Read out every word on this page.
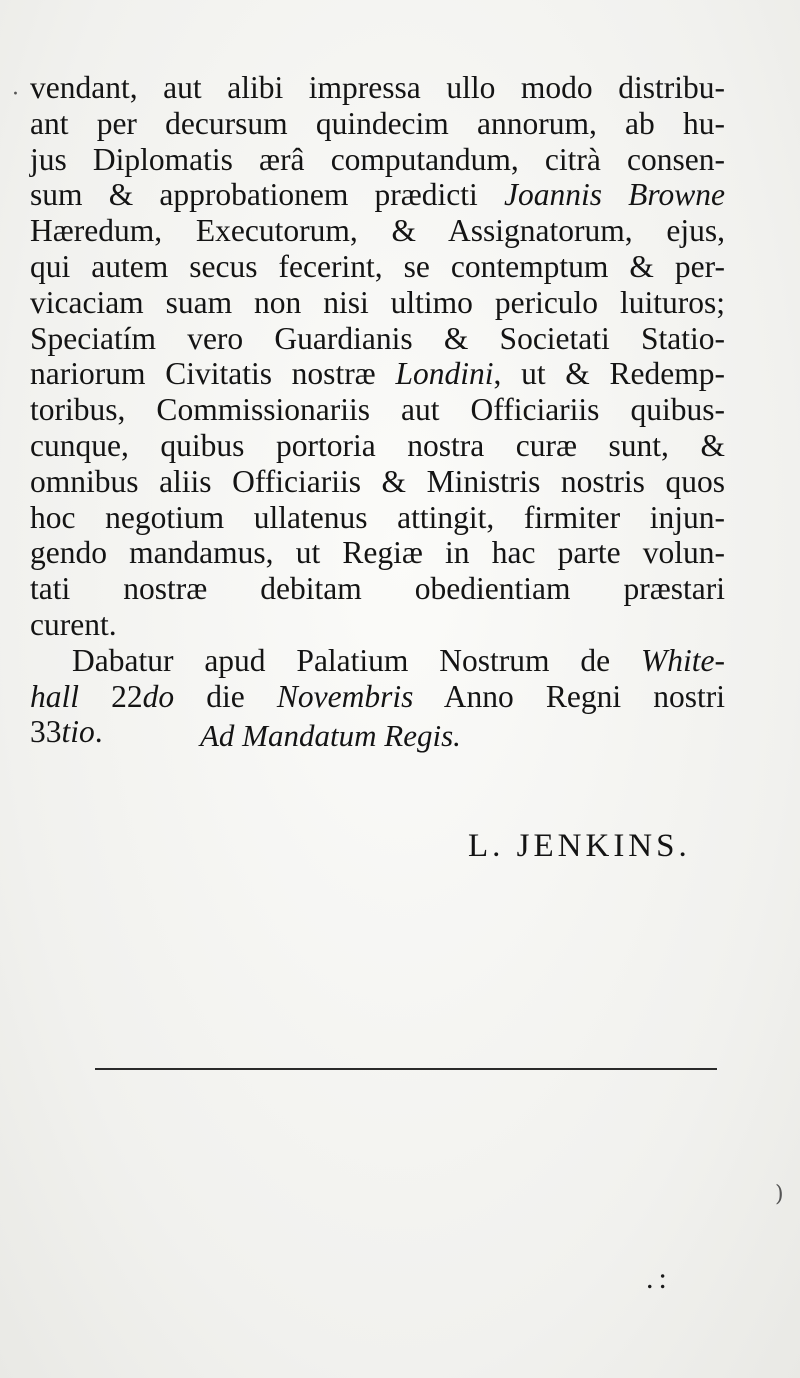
vendant, aut alibi impressa ullo modo distribu-
ant per decursum quindecim annorum, ab hu-
jus Diplomatis ærâ computandum, citrà consen-
sum & approbationem prædicti Joannis Browne
Hæredum, Executorum, & Assignatorum, ejus,
qui autem secus fecerint, se contemptum & per-
vicaciam suam non nisi ultimo periculo luituros;
Speciatím vero Guardianis & Societati Statio-
nariorum Civitatis nostræ Londini, ut & Redemp-
toribus, Commissionariis aut Officiariis quibus-
cunque, quibus portoria nostra curæ sunt, &
omnibus aliis Officiariis & Ministris nostris quos
hoc negotium ullatenus attingit, firmiter injun-
gendo mandamus, ut Regiæ in hac parte volun-
tati nostræ debitam obedientiam præstari
curent.
Dabatur apud Palatium Nostrum de White-
hall 22do die Novembris Anno Regni nostri
33tio.	Ad Mandatum Regis.
L. JENKINS.
.:
·
)
